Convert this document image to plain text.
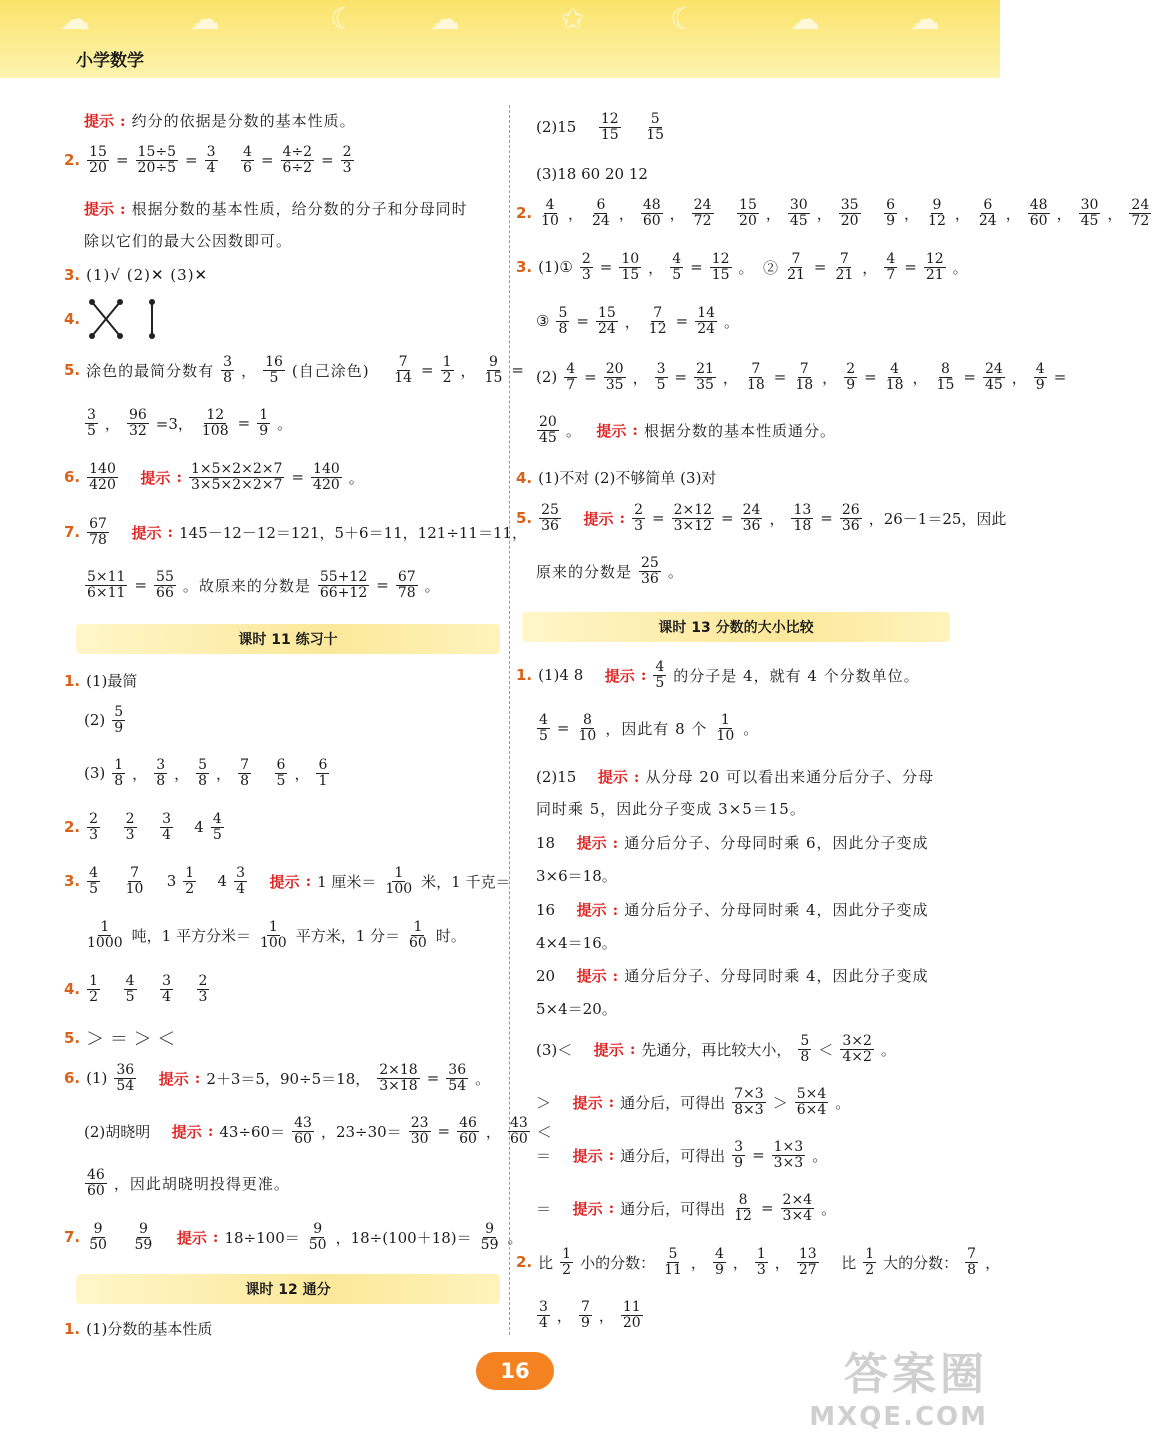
☁	☁	☾ ☁	✩	☾	☁	☁
小学数学
提示 : 约分的依据是分数的基本性质。
2. $\frac{15}{20} = \frac{15\div 5}{20\div 5} = \frac{3}{4}$
$\frac{4}{6} = \frac{4\div 2}{6\div 2} = \frac{2}{3}$
提示 : 根据分数的基本性质，给分数的分子和分母同时
除以它们的最大公因数即可。
3. (1)√ (2)✕ (3)✕
4.
5. 涂色的最简分数有 $\frac{3}{8}$ ， $\frac{16}{5}$ (自己涂色)
$\frac{7}{14} = \frac{1}{2}$ ， $\frac{9}{15}$ =
$\frac{3}{5}$ ， $\frac{96}{32} =3$， $\frac{12}{108} = \frac{1}{9}$ 。
6. $\frac{140}{420}$
提示 : $\frac{1\times 5\times 2\times 2\times 7}{3\times 5\times 2\times 2\times 7} = \frac{140}{420}$ 。
7. $\frac{67}{78}$
提示 : 145－12－12＝121，5＋6＝11，121÷11＝11，
$\frac{5\times 11}{6\times 11} = \frac{55}{66}$ 。故原来的分数是 $\frac{55+12}{66+12} = \frac{67}{78}$ 。
课时 11 练习十
1. (1)最简
$(2) \frac{5}{9}$
$(3) \frac{1}{8}$ ， $\frac{3}{8}$ ， $\frac{5}{8}$ ， $\frac{7}{8}$
$\frac{6}{5}$ ， $\frac{6}{1}$
2. $\frac{2}{3}$
$\frac{2}{3}$
$\frac{3}{4} 4 \frac{4}{5}$
3. $\frac{4}{5}$
$\frac{7}{10} 3 \frac{1}{2} 4 \frac{3}{4}$
提示 : 1 厘米＝ $\frac{1}{100}$ 米，1 千克＝
$\frac{1}{1000}$ 吨，1 平方分米＝ $\frac{1}{100}$ 平方米，1 分＝ $\frac{1}{60}$ 时。
4. $\frac{1}{2}$
$\frac{4}{5}$
$\frac{3}{4}$
$\frac{2}{3}$
5. ＞ ＝ ＞ ＜
6. $(1) \frac{36}{54}$
提示 : 2＋3＝5，90÷5＝18， $\frac{2\times 18}{3\times 18} = \frac{36}{54}$ 。
(2)胡晓明
提示 : $43\div 60= \frac{43}{60}$ ，$23\div 30= \frac{23}{30} = \frac{46}{60}$ ， $\frac{43}{60}$ ＜
$\frac{46}{60}$ ，因此胡晓明投得更准。
7. $\frac{9}{50}$
$\frac{9}{59}$
提示 : $18\div 100= \frac{9}{50}$ ，$18\div(100+18)= \frac{9}{59}$ 。
课时 12 通分
1. (1)分数的基本性质
(2)15
$\frac{12}{15}$
$\frac{5}{15}$
(3)18 60 20 12
2. $\frac{4}{10}$ ， $\frac{6}{24}$ ， $\frac{48}{60}$ ， $\frac{24}{72}$
$\frac{15}{20}$ ， $\frac{30}{45}$ ， $\frac{35}{20}$
$\frac{6}{9}$ ， $\frac{9}{12}$ ， $\frac{6}{24}$ ， $\frac{48}{60}$ ， $\frac{30}{45}$ ， $\frac{24}{72}$
3. (1)① $\frac{2}{3} = \frac{10}{15}$ ， $\frac{4}{5} = \frac{12}{15}$ 。  ② $\frac{7}{21} = \frac{7}{21}$ ， $\frac{4}{7} = \frac{12}{21}$ 。
③ $\frac{5}{8} = \frac{15}{24}$ ， $\frac{7}{12} = \frac{14}{24}$ 。
$(2) \frac{4}{7} = \frac{20}{35}$ ， $\frac{3}{5} = \frac{21}{35}$ ， $\frac{7}{18} = \frac{7}{18}$ ， $\frac{2}{9} = \frac{4}{18}$ ， $\frac{8}{15} = \frac{24}{45}$ ， $\frac{4}{9}$ =
$\frac{20}{45}$ 。 提示 : 根据分数的基本性质通分。
4. (1)不对 (2)不够简单 (3)对
5. $\frac{25}{36}$
提示 : $\frac{2}{3} = \frac{2\times 12}{3\times 12} = \frac{24}{36}$ ， $\frac{13}{18} = \frac{26}{36}$ ，26－1＝25，因此
原来的分数是 $\frac{25}{36}$ 。
课时 13 分数的大小比较
1. (1)4 8
提示 : $\frac{4}{5}$ 的分子是 4，就有 4 个分数单位。
$\frac{4}{5} = \frac{8}{10}$ ，因此有 8 个 $\frac{1}{10}$ 。
(2)15
提示 : 从分母 20 可以看出来通分后分子、分母
同时乘 5，因此分子变成 3×5＝15。
18
提示 : 通分后分子、分母同时乘 6，因此分子变成
3×6＝18。
16
提示 : 通分后分子、分母同时乘 4，因此分子变成
4×4＝16。
20
提示 : 通分后分子、分母同时乘 4，因此分子变成
5×4＝20。
(3)＜
提示 : 先通分，再比较大小， $\frac{5}{8} < \frac{3\times 2}{4\times 2}$ 。
＞
提示 : 通分后，可得出 $\frac{7\times 3}{8\times 3} > \frac{5\times 4}{6\times 4}$ 。
＝
提示 : 通分后，可得出 $\frac{3}{9} = \frac{1\times 3}{3\times 3}$ 。
＝
提示 : 通分后，可得出 $\frac{8}{12} = \frac{2\times 4}{3\times 4}$ 。
2. 比 $\frac{1}{2}$ 小的分数： $\frac{5}{11}$ ， $\frac{4}{9}$ ， $\frac{1}{3}$ ， $\frac{13}{27}$
比 $\frac{1}{2}$ 大的分数： $\frac{7}{8}$ ，
$\frac{3}{4}$ ， $\frac{7}{9}$ ， $\frac{11}{20}$
16	答案圈
MXQE.COM
